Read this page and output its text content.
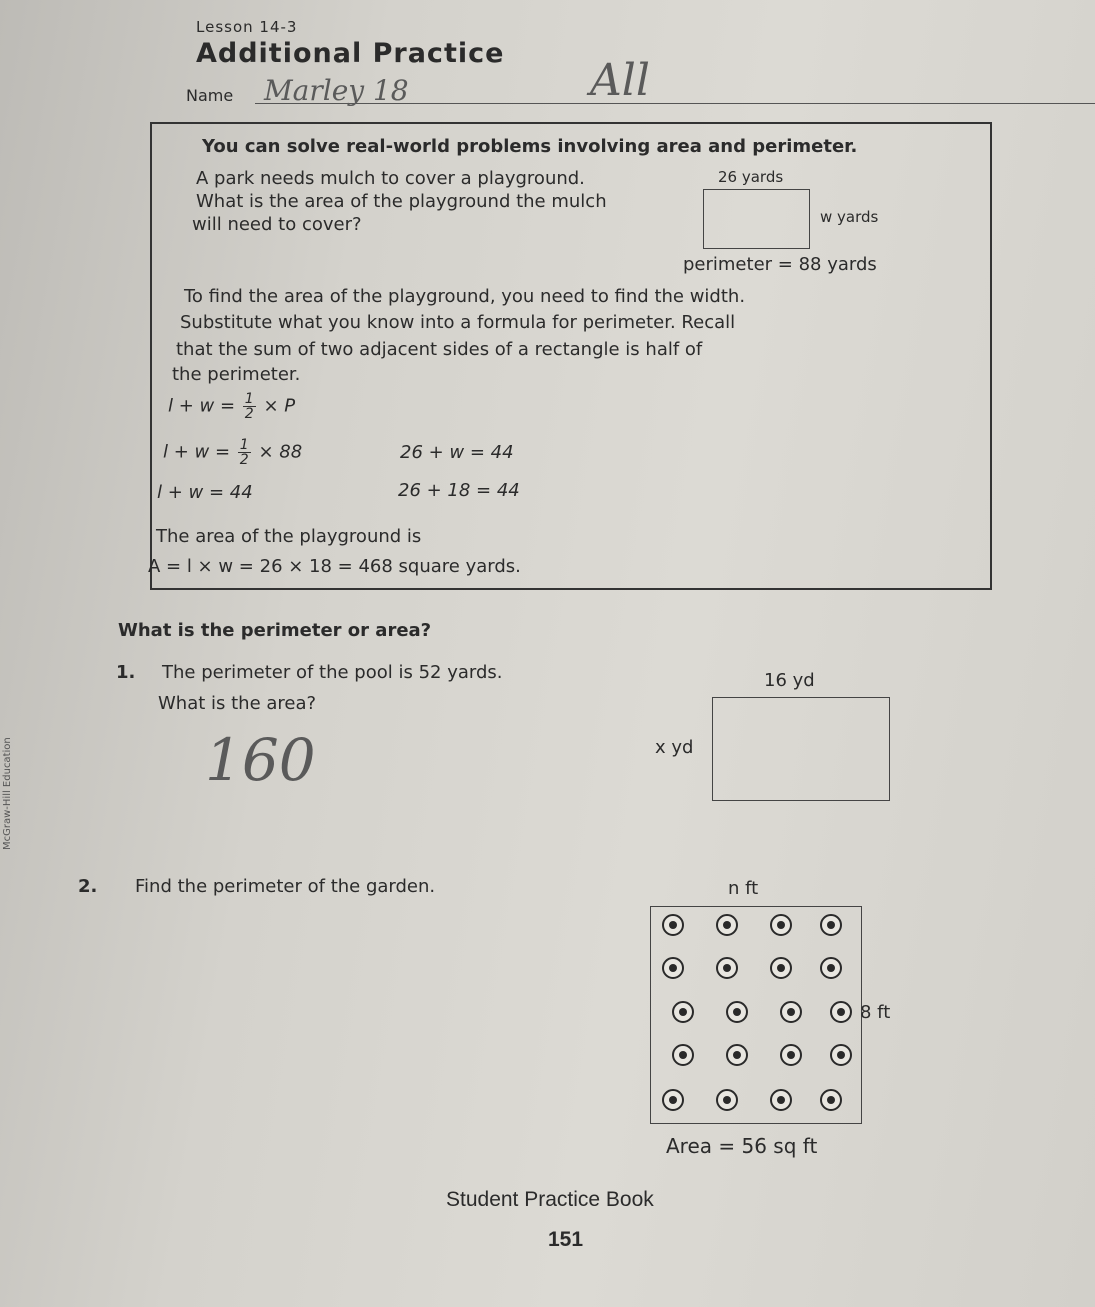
McGraw-Hill Education
Lesson 14-3
Additional Practice
Name Marley 18	All
You can solve real-world problems involving area and perimeter.
A park needs mulch to cover a playground.
What is the area of the playground the mulch
will need to cover?
26 yards
w yards
perimeter = 88 yards
To find the area of the playground, you need to find the width.
Substitute what you know into a formula for perimeter. Recall
that the sum of two adjacent sides of a rectangle is half of
the perimeter.
$l + w = \frac{1}{2} \times P$
$l + w = \frac{1}{2} \times 88$	26 + w = 44
l + w = 44	26 + 18 = 44
The area of the playground is
A = l × w = 26 × 18 = 468 square yards.
What is the perimeter or area?
1. The perimeter of the pool is 52 yards.
What is the area?
16 yd
x yd
160
2. Find the perimeter of the garden.	n ft
8 ft
Area = 56 sq ft
Student Practice Book
151
